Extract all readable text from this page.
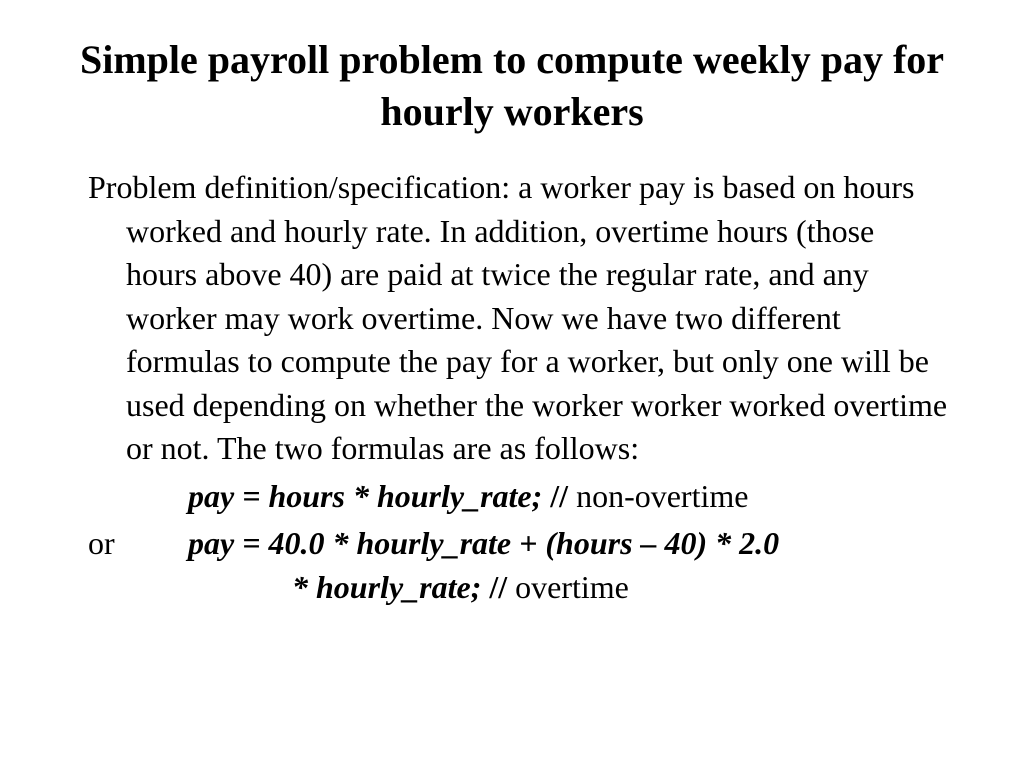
Simple payroll problem to compute weekly pay for hourly workers

Problem definition/specification: a worker pay is based on hours worked and hourly rate. In addition, overtime hours (those hours above 40) are paid at twice the regular rate, and any worker may work overtime. Now we have two different formulas to compute the pay for a worker, but only one will be used depending on whether the worker worker worked overtime or not. The two formulas are as follows:

pay = hours * hourly_rate; // non-overtime
or	pay = 40.0 * hourly_rate + (hours – 40) * 2.0
* hourly_rate; // overtime
